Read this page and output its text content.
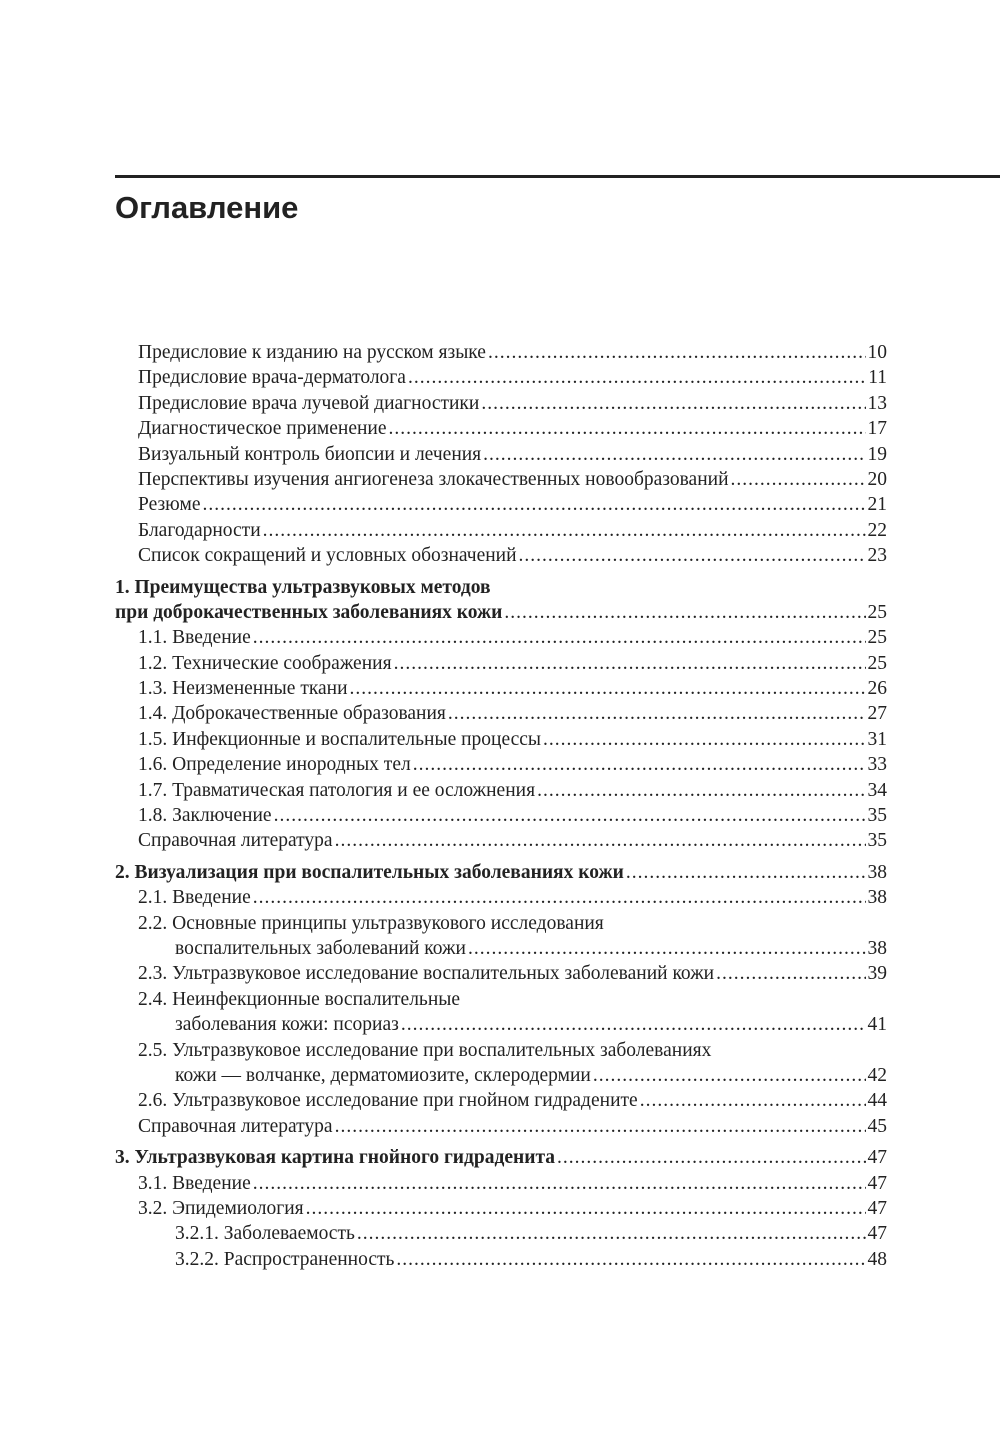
Оглавление
Предисловие к изданию на русском языке .....	10
Предисловие врача-дерматолога .....	11
Предисловие врача лучевой диагностики .....	13
Диагностическое применение .....	17
Визуальный контроль биопсии и лечения .....	19
Перспективы изучения ангиогенеза злокачественных новообразований .....	20
Резюме .....	21
Благодарности .....	22
Список сокращений и условных обозначений .....	23
1. Преимущества ультразвуковых методов
при доброкачественных заболеваниях кожи .....	25
1.1. Введение .....	25
1.2. Технические соображения .....	25
1.3. Неизмененные ткани .....	26
1.4. Доброкачественные образования .....	27
1.5. Инфекционные и воспалительные процессы .....	31
1.6. Определение инородных тел .....	33
1.7. Травматическая патология и ее осложнения .....	34
1.8. Заключение .....	35
Справочная литература .....	35
2. Визуализация при воспалительных заболеваниях кожи .....	38
2.1. Введение .....	38
2.2. Основные принципы ультразвукового исследования
воспалительных заболеваний кожи .....	38
2.3. Ультразвуковое исследование воспалительных заболеваний кожи .....	39
2.4. Неинфекционные воспалительные
заболевания кожи: псориаз .....	41
2.5. Ультразвуковое исследование при воспалительных заболеваниях
кожи — волчанке, дерматомиозите, склеродермии .....	42
2.6. Ультразвуковое исследование при гнойном гидрадените .....	44
Справочная литература .....	45
3. Ультразвуковая картина гнойного гидраденита .....	47
3.1. Введение .....	47
3.2. Эпидемиология .....	47
3.2.1. Заболеваемость .....	47
3.2.2. Распространенность .....	48
